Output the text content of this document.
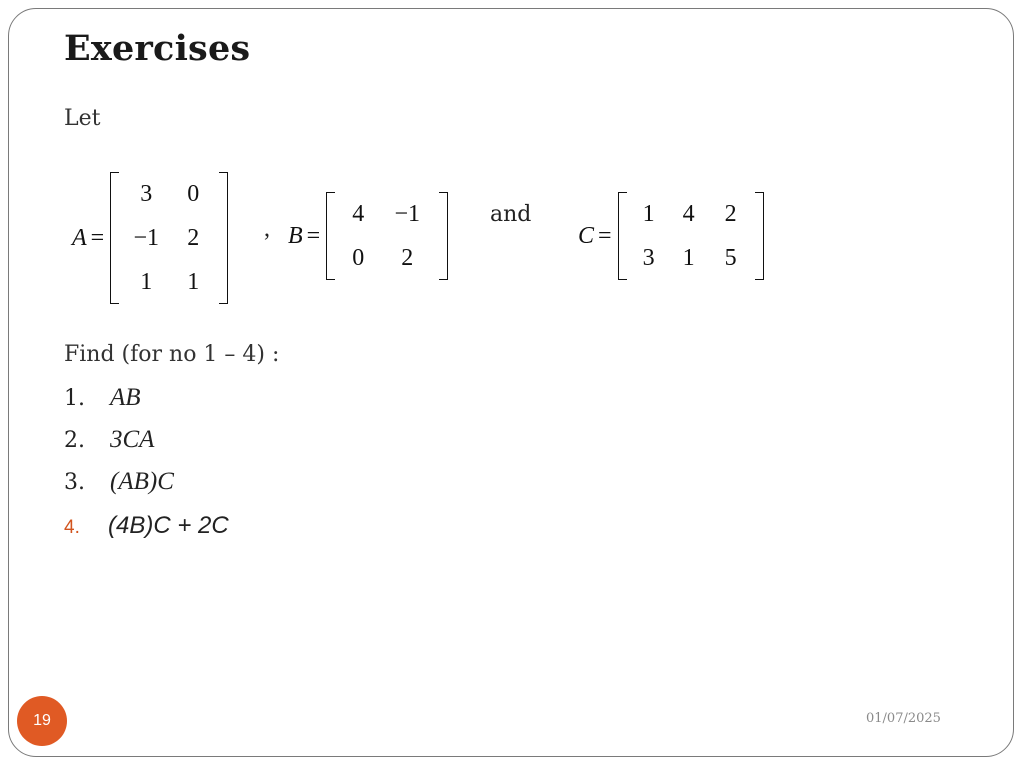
Exercises
Let
A =
3	0
−1	2
1	1
, B =
4	−1
0	2
and
C =
1	4	2
3	1	5
Find (for no 1 – 4) :
1.	AB
2.	3CA
3.	(AB)C
4.	(4B)C + 2C
19	01/07/2025
